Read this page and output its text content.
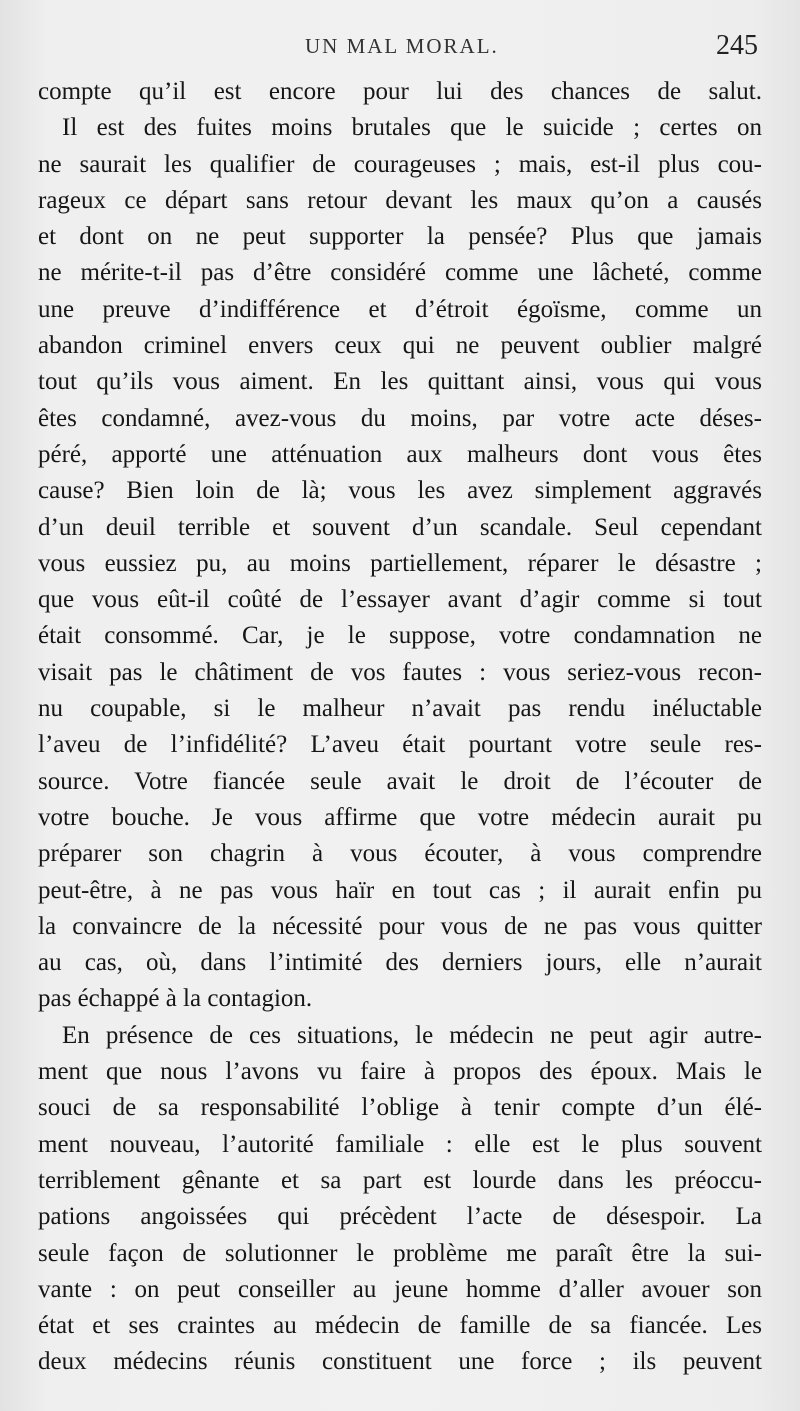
UN MAL MORAL.	245
compte qu’il est encore pour lui des chances de salut.
Il est des fuites moins brutales que le suicide ; certes on
ne saurait les qualifier de courageuses ; mais, est-il plus cou-
rageux ce départ sans retour devant les maux qu’on a causés
et dont on ne peut supporter la pensée? Plus que jamais
ne mérite-t-il pas d’être considéré comme une lâcheté, comme
une preuve d’indifférence et d’étroit égoïsme, comme un
abandon criminel envers ceux qui ne peuvent oublier malgré
tout qu’ils vous aiment. En les quittant ainsi, vous qui vous
êtes condamné, avez-vous du moins, par votre acte déses-
péré, apporté une atténuation aux malheurs dont vous êtes
cause? Bien loin de là; vous les avez simplement aggravés
d’un deuil terrible et souvent d’un scandale. Seul cependant
vous eussiez pu, au moins partiellement, réparer le désastre ;
que vous eût-il coûté de l’essayer avant d’agir comme si tout
était consommé. Car, je le suppose, votre condamnation ne
visait pas le châtiment de vos fautes : vous seriez-vous recon-
nu coupable, si le malheur n’avait pas rendu inéluctable
l’aveu de l’infidélité? L’aveu était pourtant votre seule res-
source. Votre fiancée seule avait le droit de l’écouter de
votre bouche. Je vous affirme que votre médecin aurait pu
préparer son chagrin à vous écouter, à vous comprendre
peut-être, à ne pas vous haïr en tout cas ; il aurait enfin pu
la convaincre de la nécessité pour vous de ne pas vous quitter
au cas, où, dans l’intimité des derniers jours, elle n’aurait
pas échappé à la contagion.
En présence de ces situations, le médecin ne peut agir autre-
ment que nous l’avons vu faire à propos des époux. Mais le
souci de sa responsabilité l’oblige à tenir compte d’un élé-
ment nouveau, l’autorité familiale : elle est le plus souvent
terriblement gênante et sa part est lourde dans les préoccu-
pations angoissées qui précèdent l’acte de désespoir. La
seule façon de solutionner le problème me paraît être la sui-
vante : on peut conseiller au jeune homme d’aller avouer son
état et ses craintes au médecin de famille de sa fiancée. Les
deux médecins réunis constituent une force ; ils peuvent
